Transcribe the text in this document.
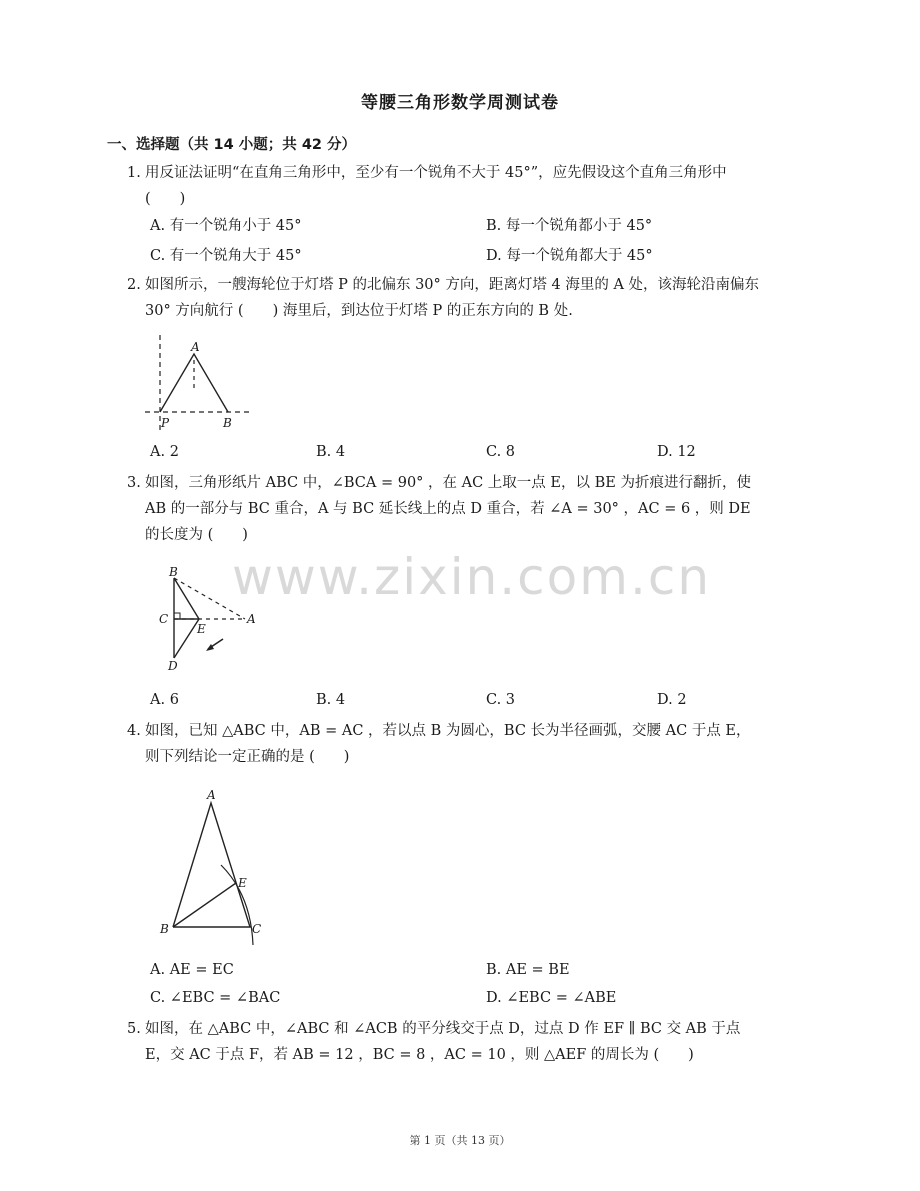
www.zixin.com.cn
等腰三角形数学周测试卷
一、选择题（共 14 小题；共 42 分）
1. 用反证法证明“在直角三角形中，至少有一个锐角不大于 45°”，应先假设这个直角三角形中
(　　)
A. 有一个锐角小于 45°	B. 每一个锐角都小于 45°
C. 有一个锐角大于 45°	D. 每一个锐角都大于 45°
2. 如图所示，一艘海轮位于灯塔 P 的北偏东 30° 方向，距离灯塔 4 海里的 A 处，该海轮沿南偏东
30° 方向航行 (　　) 海里后，到达位于灯塔 P 的正东方向的 B 处.
A
P	B
A. 2	B. 4	C. 8	D. 12
3. 如图，三角形纸片 ABC 中，∠BCA = 90° ，在 AC 上取一点 E，以 BE 为折痕进行翻折，使
AB 的一部分与 BC 重合，A 与 BC 延长线上的点 D 重合，若 ∠A = 30° ，AC = 6 ，则 DE
的长度为 (　　)
B
C
E
A
D
A. 6	B. 4	C. 3	D. 2
4. 如图，已知 △ABC 中，AB = AC ，若以点 B 为圆心，BC 长为半径画弧，交腰 AC 于点 E，
则下列结论一定正确的是 (　　)
A
E
B	C
A. AE = EC	B. AE = BE
C. ∠EBC = ∠BAC	D. ∠EBC = ∠ABE
5. 如图，在 △ABC 中，∠ABC 和 ∠ACB 的平分线交于点 D，过点 D 作 EF ∥ BC 交 AB 于点
E，交 AC 于点 F，若 AB = 12 ，BC = 8 ，AC = 10 ，则 △AEF 的周长为 (　　)
第 1 页（共 13 页）
